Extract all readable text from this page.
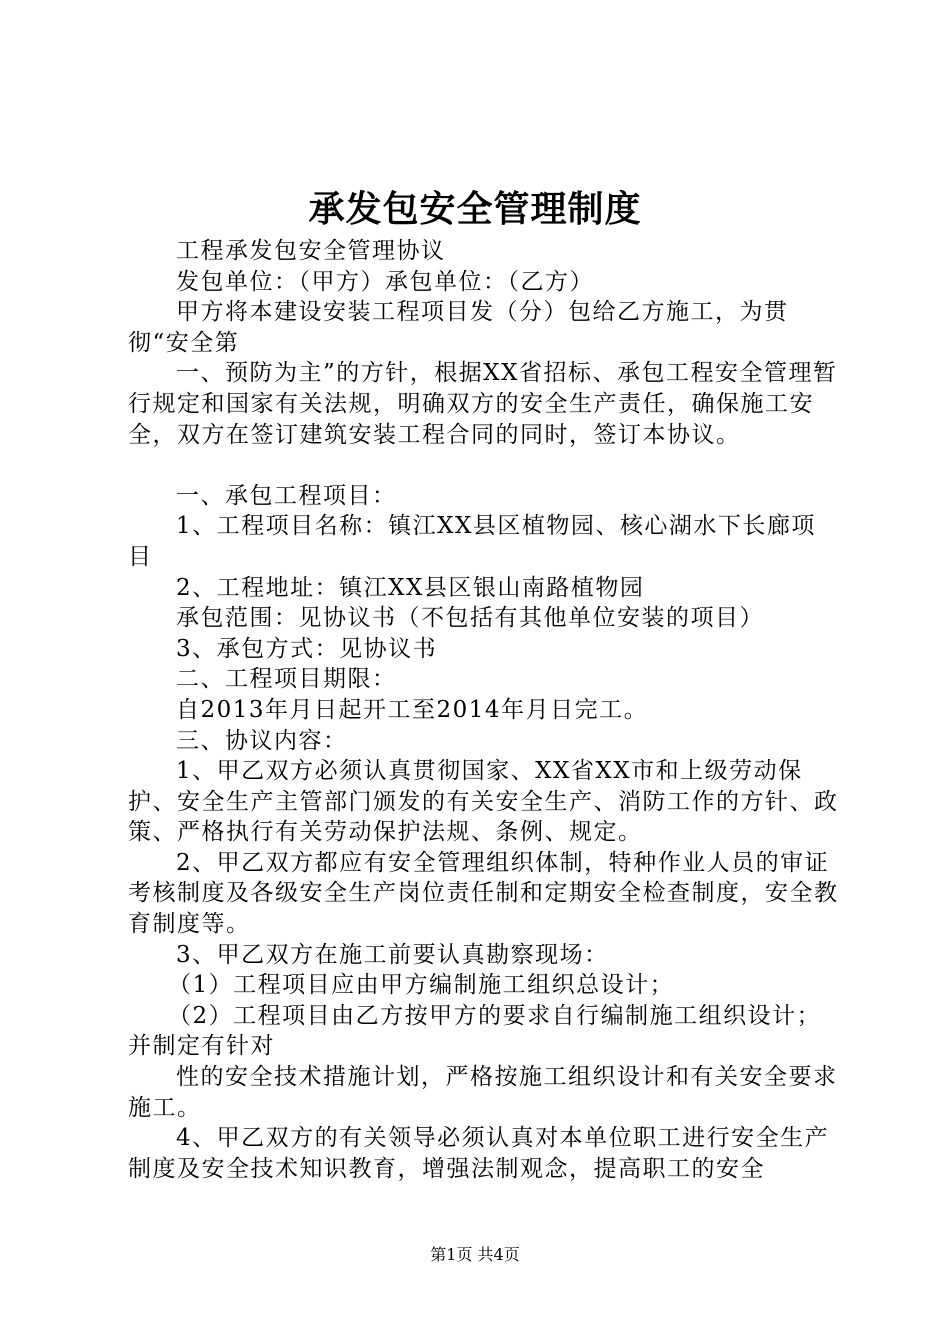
承发包安全管理制度

工程承发包安全管理协议

发包单位：（甲方）承包单位：（乙方）

甲方将本建设安装工程项目发（分）包给乙方施工，为贯彻“安全第

一、预防为主”的方针，根据XX省招标、承包工程安全管理暂行规定和国家有关法规，明确双方的安全生产责任，确保施工安全，双方在签订建筑安装工程合同的同时，签订本协议。

一、承包工程项目：

1、工程项目名称：镇江XX县区植物园、核心湖水下长廊项目

2、工程地址：镇江XX县区银山南路植物园

承包范围：见协议书（不包括有其他单位安装的项目）

3、承包方式：见协议书

二、工程项目期限：

自2013年月日起开工至2014年月日完工。

三、协议内容：

1、甲乙双方必须认真贯彻国家、XX省XX市和上级劳动保护、安全生产主管部门颁发的有关安全生产、消防工作的方针、政策、严格执行有关劳动保护法规、条例、规定。

2、甲乙双方都应有安全管理组织体制，特种作业人员的审证考核制度及各级安全生产岗位责任制和定期安全检查制度，安全教育制度等。

3、甲乙双方在施工前要认真勘察现场：

（1）工程项目应由甲方编制施工组织总设计；

（2）工程项目由乙方按甲方的要求自行编制施工组织设计；并制定有针对

性的安全技术措施计划，严格按施工组织设计和有关安全要求施工。

4、甲乙双方的有关领导必须认真对本单位职工进行安全生产制度及安全技术知识教育，增强法制观念，提高职工的安全

第1页 共4页
